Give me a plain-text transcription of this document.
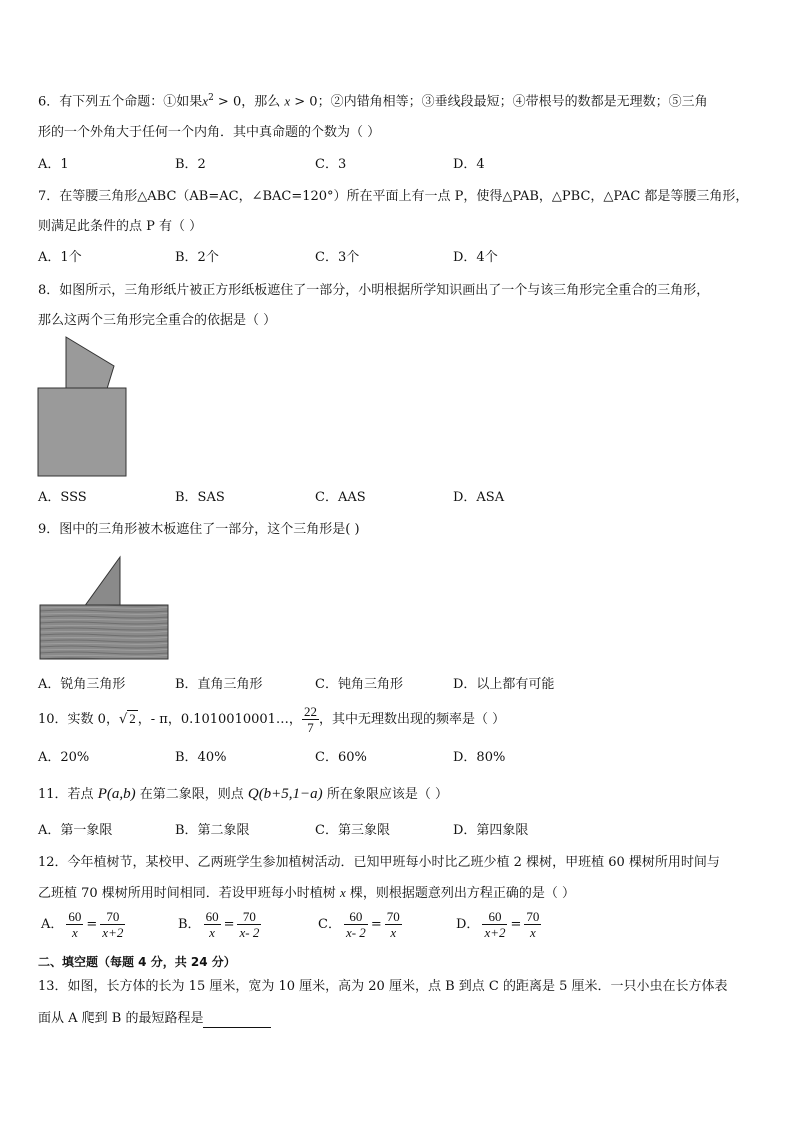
6．有下列五个命题：①如果$x^2 > 0$，那么 x > 0；②内错角相等；③垂线段最短；④带根号的数都是无理数；⑤三角
形的一个外角大于任何一个内角．其中真命题的个数为（ ）
A．1	B．2	C．3	D．4
7．在等腰三角形△ABC（AB=AC，∠BAC=120°）所在平面上有一点 P，使得△PAB，△PBC，△PAC 都是等腰三角形，
则满足此条件的点 P 有（ ）
A．1个	B．2个	C．3个	D．4个
8．如图所示，三角形纸片被正方形纸板遮住了一部分，小明根据所学知识画出了一个与该三角形完全重合的三角形，
那么这两个三角形完全重合的依据是（ ）
A．SSS	B．SAS	C．AAS	D．ASA
9．图中的三角形被木板遮住了一部分，这个三角形是( )
A．锐角三角形	B．直角三角形	C．钝角三角形	D．以上都有可能
10．实数 0，√ 2 ，- π，0.1010010001…， $\frac{22}{7}$ ，其中无理数出现的频率是（ ）
A．20%	B．40%	C．60%	D．80%
11．若点 P(a,b) 在第二象限，则点 Q(b+5,1−a) 所在象限应该是（ ）
A．第一象限	B．第二象限	C．第三象限	D．第四象限
12．今年植树节，某校甲、乙两班学生参加植树活动．已知甲班每小时比乙班少植 2 棵树，甲班植 60 棵树所用时间与
乙班植 70 棵树所用时间相同．若设甲班每小时植树 x 棵，则根据题意列出方程正确的是（ ）
A． $\frac{60}{x} = \frac{70}{x+2}$	B． $\frac{60}{x} = \frac{70}{x- 2}$	C． $\frac{60}{x- 2} = \frac{70}{x}$	D． $\frac{60}{x+2} = \frac{70}{x}$
二、填空题（每题 4 分，共 24 分）
13．如图，长方体的长为 15 厘米，宽为 10 厘米，高为 20 厘米，点 B 到点 C 的距离是 5 厘米．一只小虫在长方体表
面从 A 爬到 B 的最短路程是
